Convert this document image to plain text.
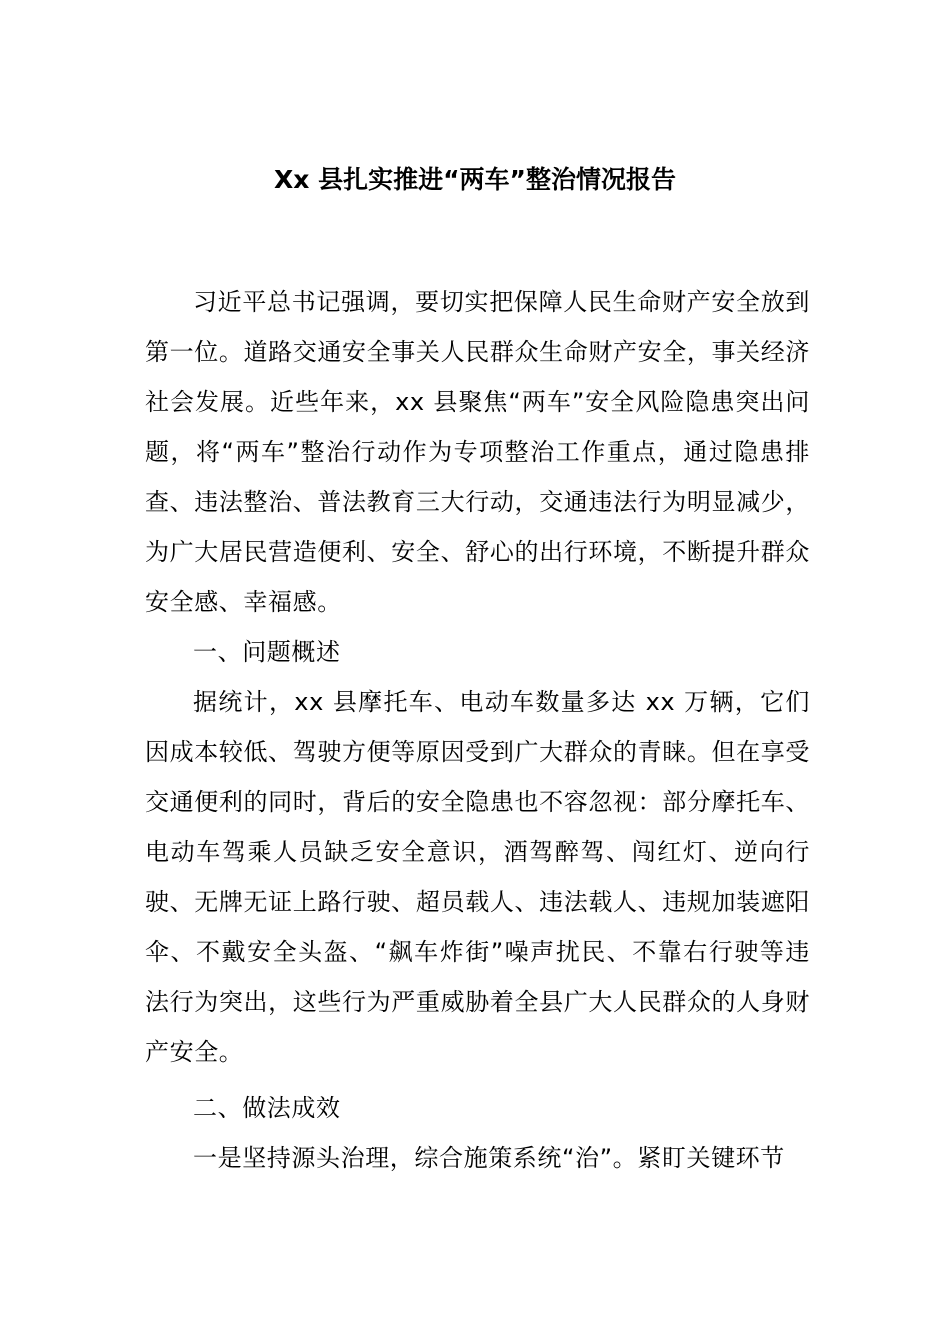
Xx 县扎实推进“两车”整治情况报告

习近平总书记强调，要切实把保障人民生命财产安全放到第一位。道路交通安全事关人民群众生命财产安全，事关经济社会发展。近些年来，xx 县聚焦“两车”安全风险隐患突出问题，将“两车”整治行动作为专项整治工作重点，通过隐患排查、违法整治、普法教育三大行动，交通违法行为明显减少，为广大居民营造便利、安全、舒心的出行环境，不断提升群众安全感、幸福感。

一、问题概述

据统计，xx 县摩托车、电动车数量多达 xx 万辆，它们因成本较低、驾驶方便等原因受到广大群众的青睐。但在享受交通便利的同时，背后的安全隐患也不容忽视：部分摩托车、电动车驾乘人员缺乏安全意识，酒驾醉驾、闯红灯、逆向行驶、无牌无证上路行驶、超员载人、违法载人、违规加装遮阳伞、不戴安全头盔、“飙车炸街”噪声扰民、不靠右行驶等违法行为突出，这些行为严重威胁着全县广大人民群众的人身财产安全。

二、做法成效

一是坚持源头治理，综合施策系统“治”。紧盯关键环节
